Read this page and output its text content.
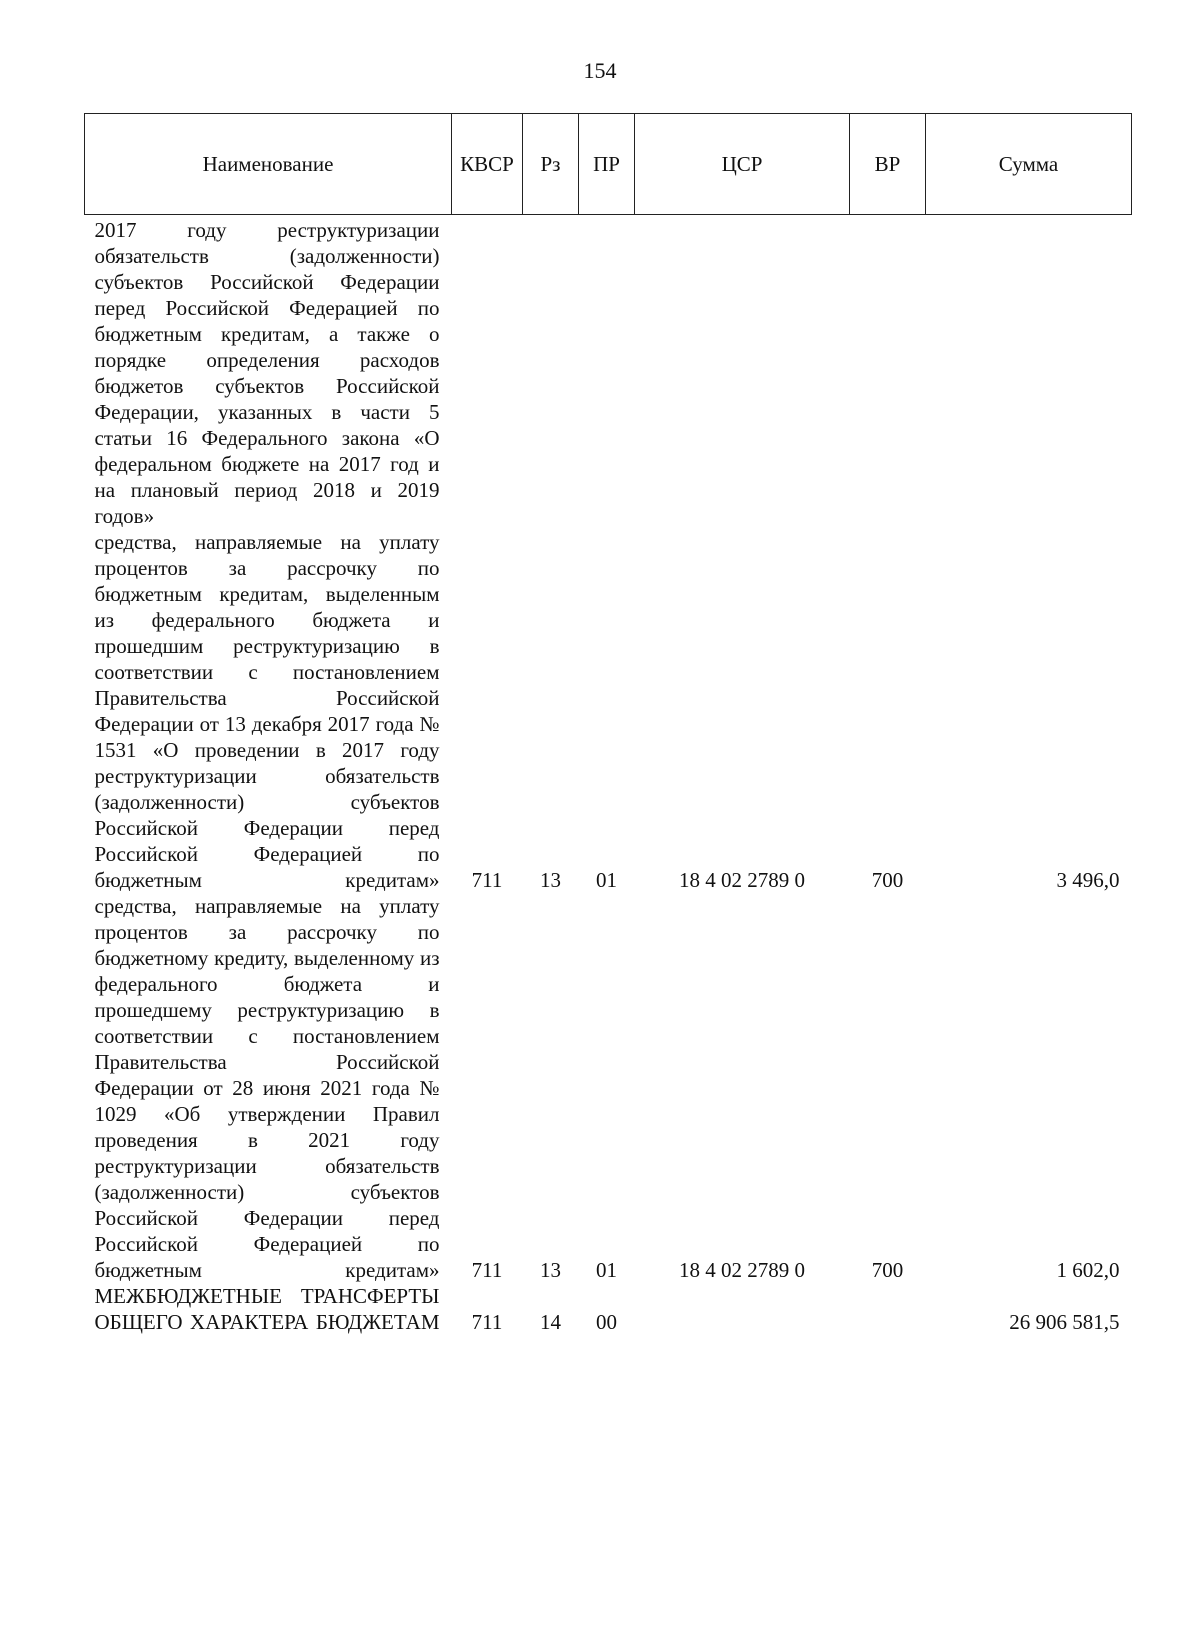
154
Наименование	КВСР	Рз	ПР	ЦСР	ВР	Сумма
2017 году реструктуризации обязательств (задолженности) субъектов Российской Федерации перед Российской Федерацией по бюджетным кредитам, а также о порядке определения расходов бюджетов субъектов Российской Федерации, указанных в части 5 статьи 16 Федерального закона «О федеральном бюджете на 2017 год и на плановый период 2018 и 2019 годов»						
средства, направляемые на уплату процентов за рассрочку по бюджетным кредитам, выделенным из федерального бюджета и прошедшим реструктуризацию в соответствии с постановлением Правительства Российской Федерации от 13 декабря 2017 года № 1531 «О проведении в 2017 году реструктуризации обязательств (задолженности) субъектов Российской Федерации перед Российской Федерацией по бюджетным кредитам»	711	13	01	18 4 02 2789 0	700	3 496,0
средства, направляемые на уплату процентов за рассрочку по бюджетному кредиту, выделенному из федерального бюджета и прошедшему реструктуризацию в соответствии с постановлением Правительства Российской Федерации от 28 июня 2021 года № 1029 «Об утверждении Правил проведения в 2021 году реструктуризации обязательств (задолженности) субъектов Российской Федерации перед Российской Федерацией по бюджетным кредитам»	711	13	01	18 4 02 2789 0	700	1 602,0
МЕЖБЮДЖЕТНЫЕ ТРАНСФЕРТЫ ОБЩЕГО ХАРАКТЕРА БЮДЖЕТАМ	711	14	00			26 906 581,5
